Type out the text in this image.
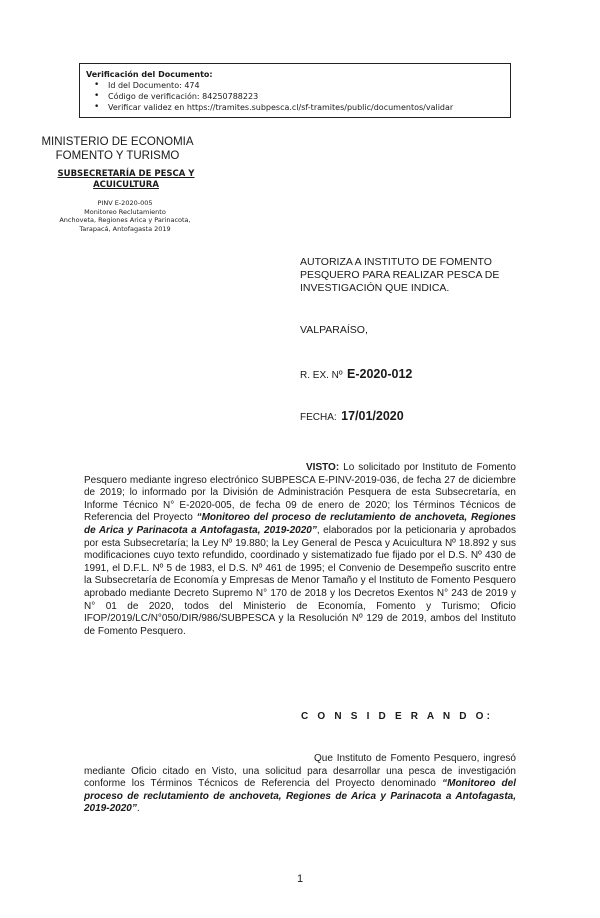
Verificación del Documento:
• Id del Documento: 474
• Código de verificación: 84250788223
• Verificar validez en https://tramites.subpesca.cl/sf-tramites/public/documentos/validar
MINISTERIO DE ECONOMIA
FOMENTO Y TURISMO
SUBSECRETARÍA DE PESCA Y
ACUICULTURA
PINV E-2020-005
Monitoreo Reclutamiento
Anchoveta, Regiones Arica y Parinacota,
Tarapacá, Antofagasta 2019
AUTORIZA A INSTITUTO DE FOMENTO
PESQUERO PARA REALIZAR PESCA DE
INVESTIGACIÓN QUE INDICA.
VALPARAÍSO,
R. EX. Nº E-2020-012
FECHA: 17/01/2020

VISTO: Lo solicitado por Instituto de Fomento Pesquero mediante ingreso electrónico SUBPESCA E-PINV-2019-036, de fecha 27 de diciembre de 2019; lo informado por la División de Administración Pesquera de esta Subsecretaría, en Informe Técnico N° E-2020-005, de fecha 09 de enero de 2020; los Términos Técnicos de Referencia del Proyecto “Monitoreo del proceso de reclutamiento de anchoveta, Regiones de Arica y Parinacota a Antofagasta, 2019-2020”, elaborados por la peticionaria y aprobados por esta Subsecretaría; la Ley Nº 19.880; la Ley General de Pesca y Acuicultura Nº 18.892 y sus modificaciones cuyo texto refundido, coordinado y sistematizado fue fijado por el D.S. Nº 430 de 1991, el D.F.L. Nº 5 de 1983, el D.S. Nº 461 de 1995; el Convenio de Desempeño suscrito entre la Subsecretaría de Economía y Empresas de Menor Tamaño y el Instituto de Fomento Pesquero aprobado mediante Decreto Supremo N° 170 de 2018 y los Decretos Exentos N° 243 de 2019 y N° 01 de 2020, todos del Ministerio de Economía, Fomento y Turismo; Oficio IFOP/2019/LC/N°050/DIR/986/SUBPESCA y la Resolución Nº 129 de 2019, ambos del Instituto de Fomento Pesquero.

C O N S I D E R A N D O:

Que Instituto de Fomento Pesquero, ingresó mediante Oficio citado en Visto, una solicitud para desarrollar una pesca de investigación conforme los Términos Técnicos de Referencia del Proyecto denominado “Monitoreo del proceso de reclutamiento de anchoveta, Regiones de Arica y Parinacota a Antofagasta, 2019-2020”.

1
